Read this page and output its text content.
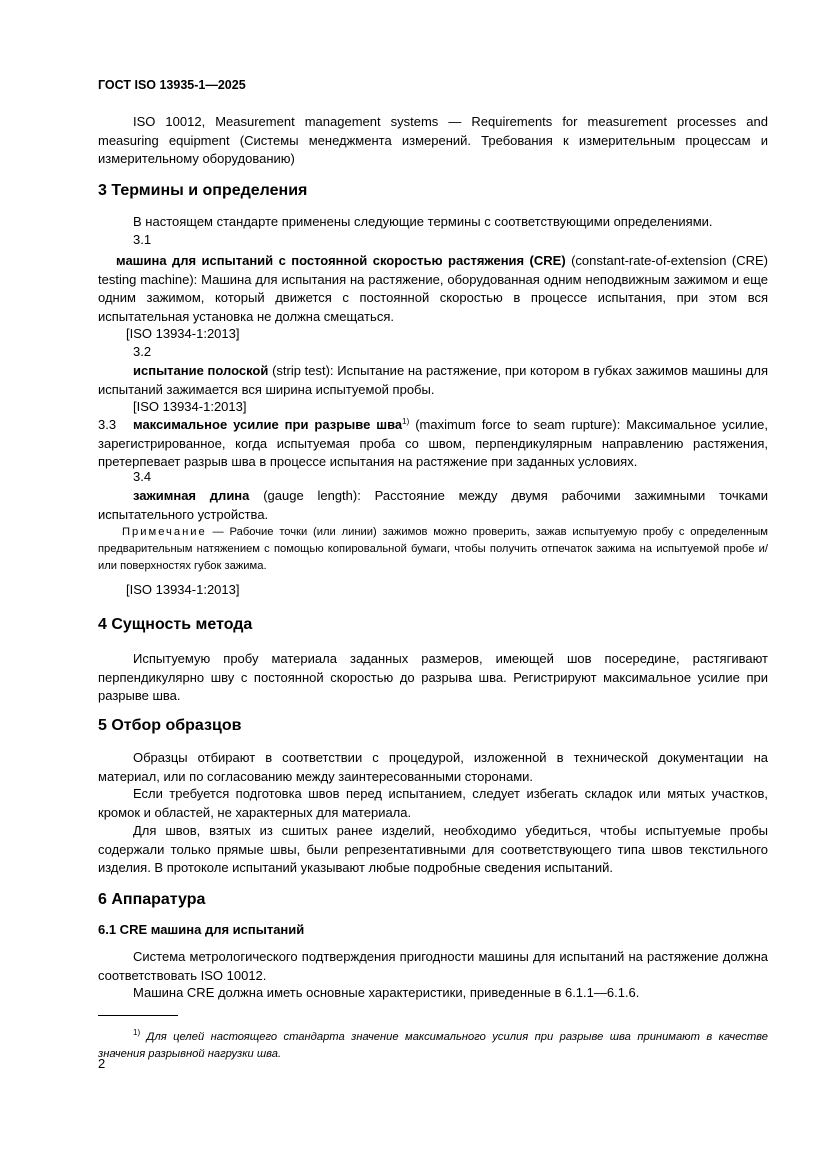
ГОСТ ISO 13935-1—2025

ISO 10012, Measurement management systems — Requirements for measurement processes and measuring equipment (Системы менеджмента измерений. Требования к измерительным процессам и измерительному оборудованию)

3 Термины и определения

В настоящем стандарте применены следующие термины с соответствующими определениями.

3.1

машина для испытаний с постоянной скоростью растяжения (CRE) (constant-rate-of-extension (CRE) testing machine): Машина для испытания на растяжение, оборудованная одним неподвижным зажимом и еще одним зажимом, который движется с постоянной скоростью в процессе испытания, при этом вся испытательная установка не должна смещаться.

[ISO 13934-1:2013]
3.2

испытание полоской (strip test): Испытание на растяжение, при котором в губках зажимов машины для испытаний зажимается вся ширина испытуемой пробы.

[ISO 13934-1:2013]

3.3 максимальное усилие при разрыве шва$^{1)}$ (maximum force to seam rupture): Максимальное усилие, зарегистрированное, когда испытуемая проба со швом, перпендикулярным направлению растяжения, претерпевает разрыв шва в процессе испытания на растяжение при заданных условиях.

3.4

зажимная длина (gauge length): Расстояние между двумя рабочими зажимными точками испытательного устройства.

Примечание — Рабочие точки (или линии) зажимов можно проверить, зажав испытуемую пробу с определенным предварительным натяжением с помощью копировальной бумаги, чтобы получить отпечаток зажима на испытуемой пробе и/или поверхностях губок зажима.

[ISO 13934-1:2013]
4 Сущность метода

Испытуемую пробу материала заданных размеров, имеющей шов посередине, растягивают перпендикулярно шву с постоянной скоростью до разрыва шва. Регистрируют максимальное усилие при разрыве шва.

5 Отбор образцов

Образцы отбирают в соответствии с процедурой, изложенной в технической документации на материал, или по согласованию между заинтересованными сторонами.

Если требуется подготовка швов перед испытанием, следует избегать складок или мятых участков, кромок и областей, не характерных для материала.

Для швов, взятых из сшитых ранее изделий, необходимо убедиться, чтобы испытуемые пробы содержали только прямые швы, были репрезентативными для соответствующего типа швов текстильного изделия. В протоколе испытаний указывают любые подробные сведения испытаний.

6 Аппаратура
6.1 CRE машина для испытаний

Система метрологического подтверждения пригодности машины для испытаний на растяжение должна соответствовать ISO 10012.

Машина CRE должна иметь основные характеристики, приведенные в 6.1.1—6.1.6.

$^{1)}$ Для целей настоящего стандарта значение максимального усилия при разрыве шва принимают в качестве значения разрывной нагрузки шва.

2
